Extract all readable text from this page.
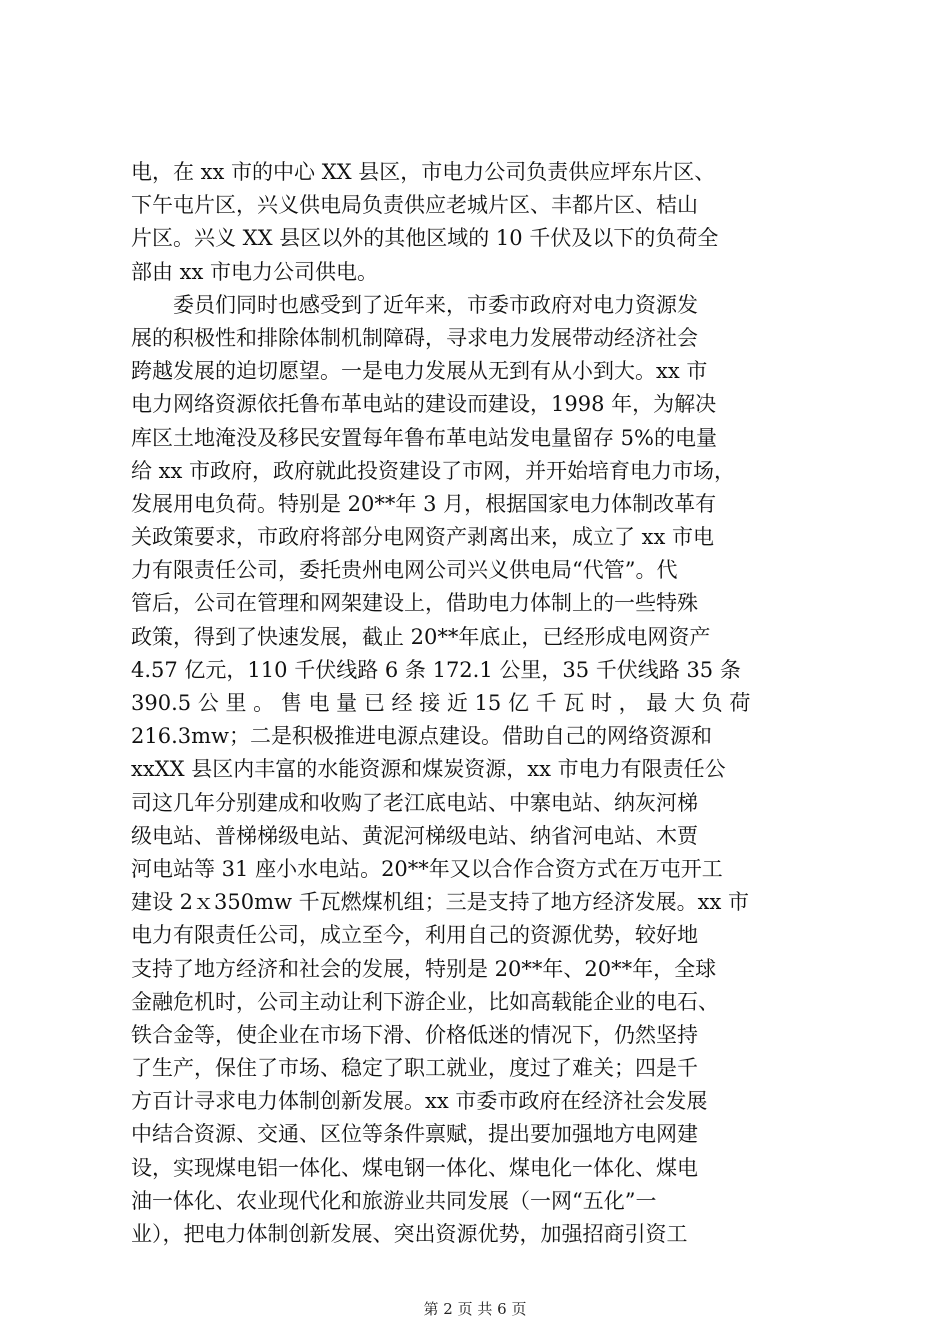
电，在 xx 市的中心 XX 县区，市电力公司负责供应坪东片区、
下午屯片区，兴义供电局负责供应老城片区、丰都片区、桔山
片区。兴义 XX 县区以外的其他区域的 10 千伏及以下的负荷全
部由 xx 市电力公司供电。
　　委员们同时也感受到了近年来，市委市政府对电力资源发
展的积极性和排除体制机制障碍，寻求电力发展带动经济社会
跨越发展的迫切愿望。一是电力发展从无到有从小到大。xx 市
电力网络资源依托鲁布革电站的建设而建设，1998 年，为解决
库区土地淹没及移民安置每年鲁布革电站发电量留存 5%的电量
给 xx 市政府，政府就此投资建设了市网，并开始培育电力市场，
发展用电负荷。特别是 20**年 3 月，根据国家电力体制改革有
关政策要求，市政府将部分电网资产剥离出来，成立了 xx 市电
力有限责任公司，委托贵州电网公司兴义供电局“代管”。代
管后，公司在管理和网架建设上，借助电力体制上的一些特殊
政策，得到了快速发展，截止 20**年底止，已经形成电网资产
4.57 亿元，110 千伏线路 6 条 172.1 公里，35 千伏线路 35 条
390.5 公 里 。 售 电 量 已 经 接 近 15 亿 千 瓦 时 ， 最 大 负 荷
216.3mw；二是积极推进电源点建设。借助自己的网络资源和
xxXX 县区内丰富的水能资源和煤炭资源，xx 市电力有限责任公
司这几年分别建成和收购了老江底电站、中寨电站、纳灰河梯
级电站、普梯梯级电站、黄泥河梯级电站、纳省河电站、木贾
河电站等 31 座小水电站。20**年又以合作合资方式在万屯开工
建设 2ｘ350mw 千瓦燃煤机组；三是支持了地方经济发展。xx 市
电力有限责任公司，成立至今，利用自己的资源优势，较好地
支持了地方经济和社会的发展，特别是 20**年、20**年，全球
金融危机时，公司主动让利下游企业，比如高载能企业的电石、
铁合金等，使企业在市场下滑、价格低迷的情况下，仍然坚持
了生产，保住了市场、稳定了职工就业，度过了难关；四是千
方百计寻求电力体制创新发展。xx 市委市政府在经济社会发展
中结合资源、交通、区位等条件禀赋，提出要加强地方电网建
设，实现煤电铝一体化、煤电钢一体化、煤电化一体化、煤电
油一体化、农业现代化和旅游业共同发展（一网“五化”一
业），把电力体制创新发展、突出资源优势，加强招商引资工
第 2 页 共 6 页
